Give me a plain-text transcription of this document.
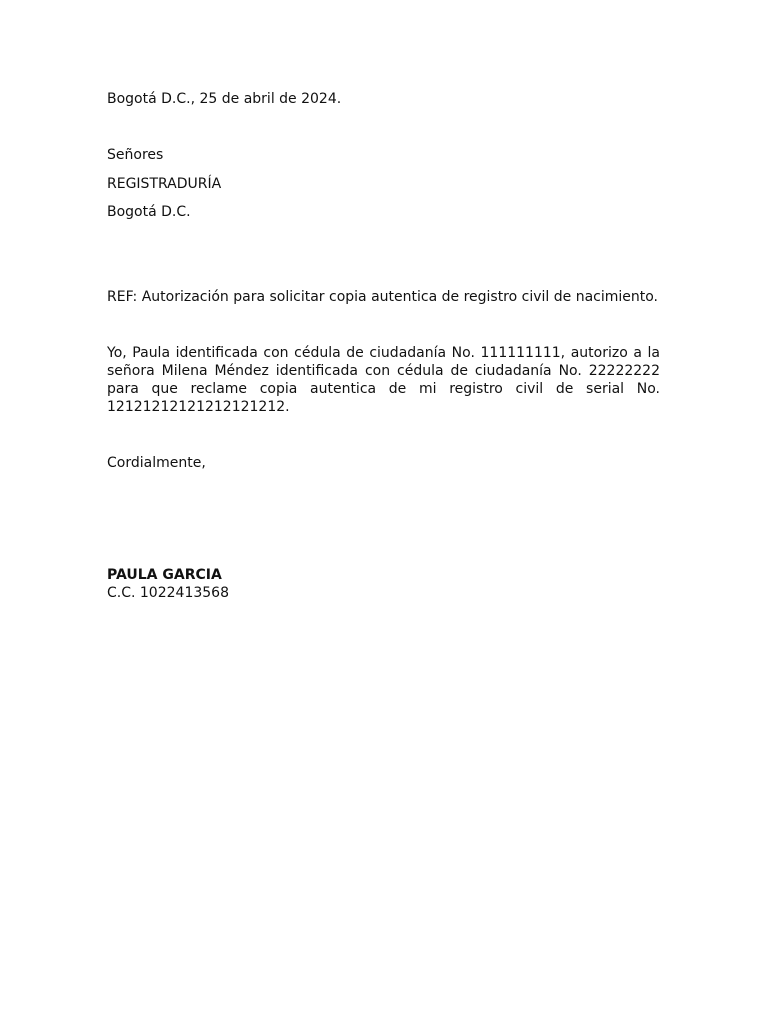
Bogotá D.C., 25 de abril de 2024.
Señores
REGISTRADURÍA
Bogotá D.C.
REF: Autorización para solicitar copia autentica de registro civil de nacimiento.
Yo, Paula identificada con cédula de ciudadanía No. 111111111, autorizo a la señora Milena Méndez identificada con cédula de ciudadanía No. 22222222 para que reclame copia autentica de mi registro civil de serial No. 12121212121212121212.
Cordialmente,
PAULA GARCIA
C.C. 1022413568
